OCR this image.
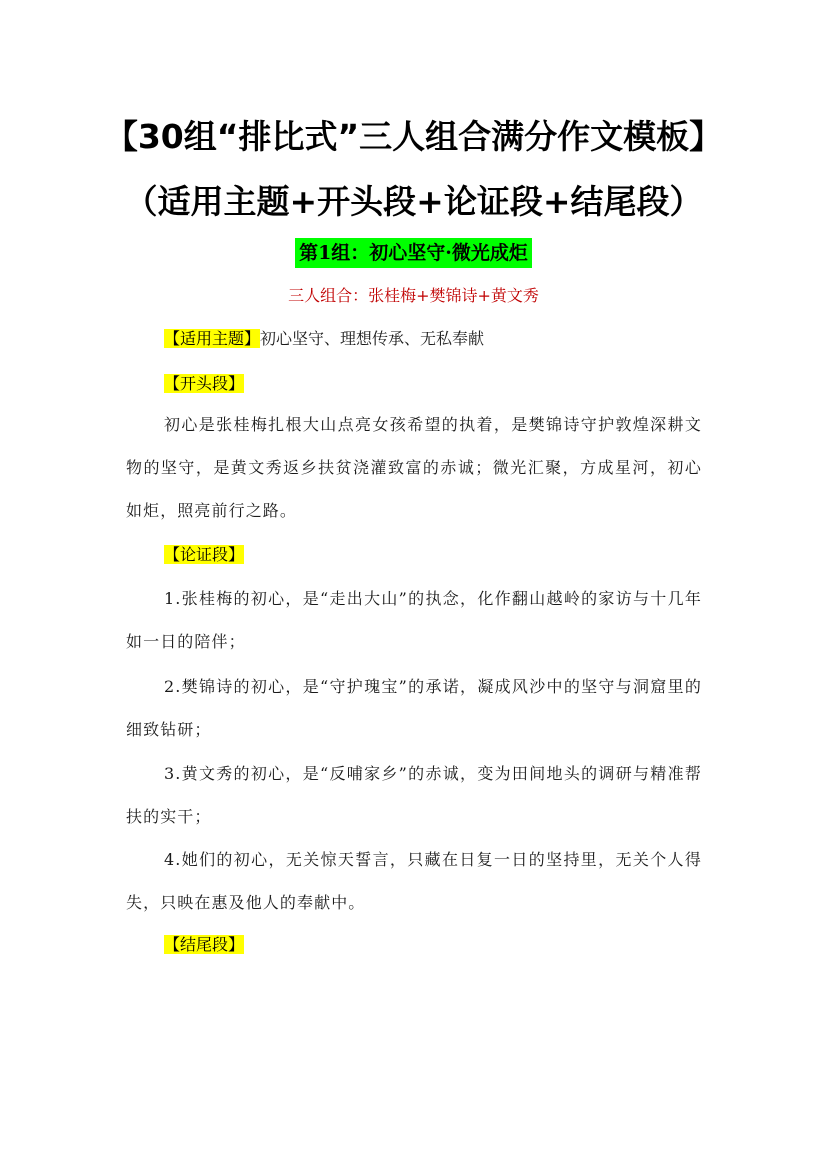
【30组“排比式”三人组合满分作文模板】
（适用主题+开头段+论证段+结尾段）
第1组：初心坚守·微光成炬
三人组合：张桂梅+樊锦诗+黄文秀
【适用主题】初心坚守、理想传承、无私奉献
【开头段】

初心是张桂梅扎根大山点亮女孩希望的执着，是樊锦诗守护敦煌深耕文物的坚守，是黄文秀返乡扶贫浇灌致富的赤诚；微光汇聚，方成星河，初心如炬，照亮前行之路。

【论证段】

1.张桂梅的初心，是“走出大山”的执念，化作翻山越岭的家访与十几年如一日的陪伴；

2.樊锦诗的初心，是“守护瑰宝”的承诺，凝成风沙中的坚守与洞窟里的细致钻研；

3.黄文秀的初心，是“反哺家乡”的赤诚，变为田间地头的调研与精准帮扶的实干；

4.她们的初心，无关惊天誓言，只藏在日复一日的坚持里，无关个人得失，只映在惠及他人的奉献中。

【结尾段】
